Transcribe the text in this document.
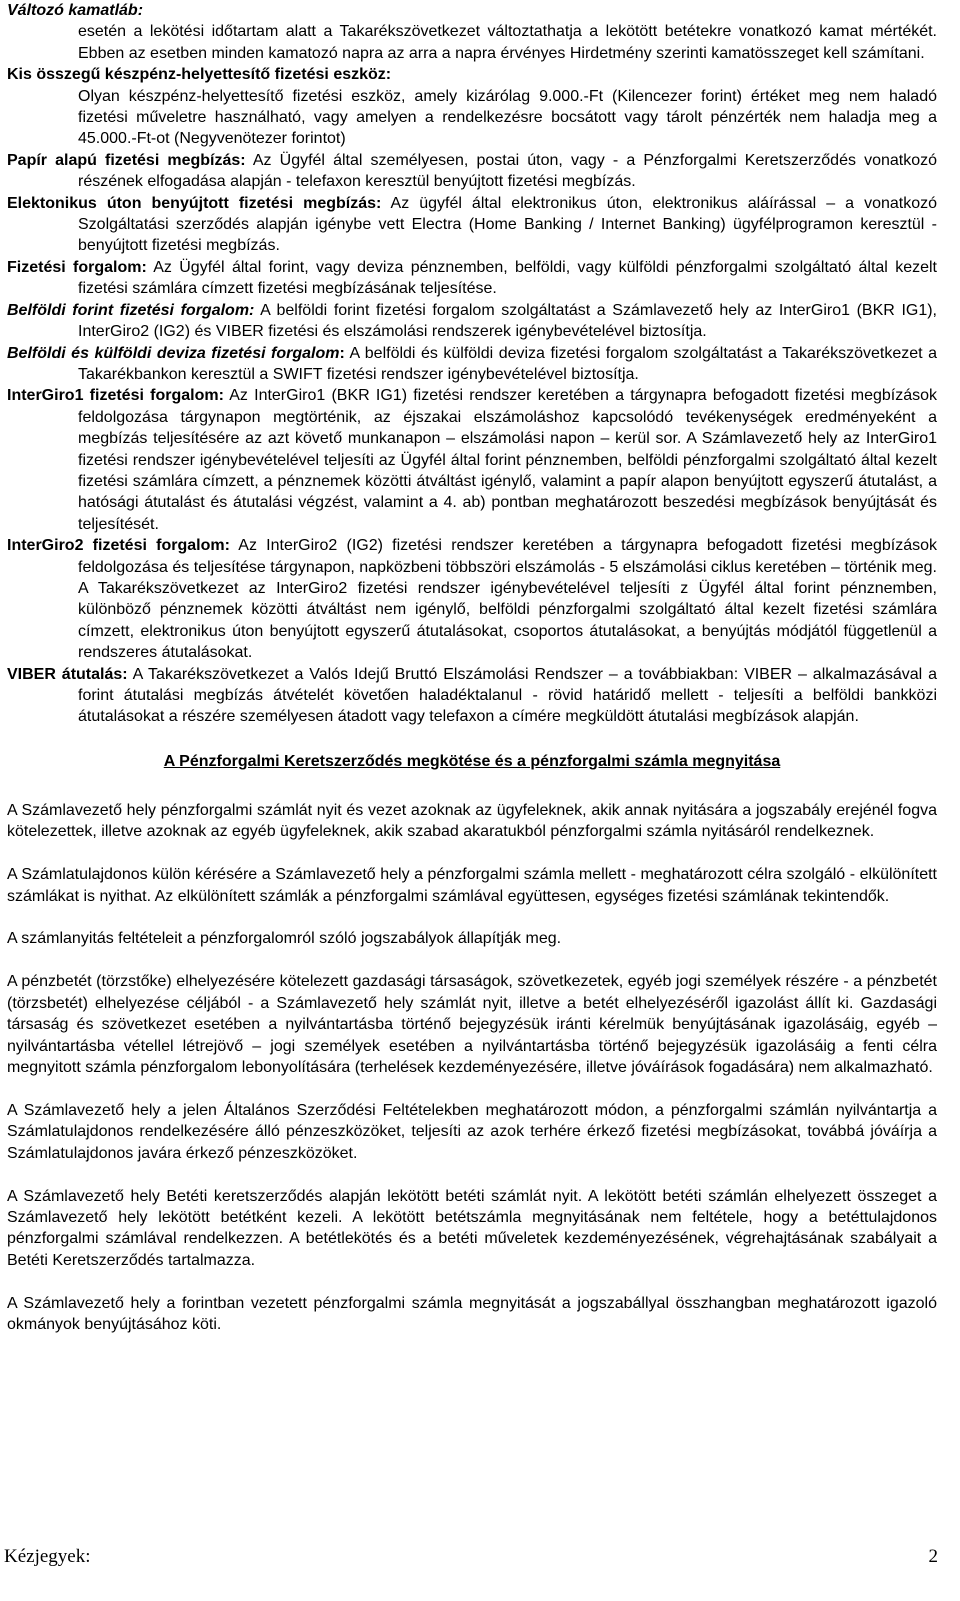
Változó kamatláb:

esetén a lekötési időtartam alatt a Takarékszövetkezet változtathatja a lekötött betétekre vonatkozó kamat mértékét. Ebben az esetben minden kamatozó napra az arra a napra érvényes Hirdetmény szerinti kamatösszeget kell számítani.

Kis összegű készpénz-helyettesítő fizetési eszköz:

Olyan készpénz-helyettesítő fizetési eszköz, amely kizárólag 9.000.-Ft (Kilencezer forint) értéket meg nem haladó fizetési műveletre használható, vagy amelyen a rendelkezésre bocsátott vagy tárolt pénzérték nem haladja meg a 45.000.-Ft-ot (Negyvenötezer forintot)

Papír alapú fizetési megbízás: Az Ügyfél által személyesen, postai úton, vagy - a Pénzforgalmi Keretszerződés vonatkozó részének elfogadása alapján - telefaxon keresztül benyújtott fizetési megbízás.

Elektonikus úton benyújtott fizetési megbízás: Az ügyfél által elektronikus úton, elektronikus aláírással – a vonatkozó Szolgáltatási szerződés alapján igénybe vett Electra (Home Banking / Internet Banking) ügyfélprogramon keresztül - benyújtott fizetési megbízás.

Fizetési forgalom: Az Ügyfél által forint, vagy deviza pénznemben, belföldi, vagy külföldi pénzforgalmi szolgáltató által kezelt fizetési számlára címzett fizetési megbízásának teljesítése.

Belföldi forint fizetési forgalom: A belföldi forint fizetési forgalom szolgáltatást a Számlavezető hely az InterGiro1 (BKR IG1), InterGiro2 (IG2) és VIBER fizetési és elszámolási rendszerek igénybevételével biztosítja.

Belföldi és külföldi deviza fizetési forgalom: A belföldi és külföldi deviza fizetési forgalom szolgáltatást a Takarékszövetkezet a Takarékbankon keresztül a SWIFT fizetési rendszer igénybevételével biztosítja.

InterGiro1 fizetési forgalom: Az InterGiro1 (BKR IG1) fizetési rendszer keretében a tárgynapra befogadott fizetési megbízások feldolgozása tárgynapon megtörténik, az éjszakai elszámoláshoz kapcsolódó tevékenységek eredményeként a megbízás teljesítésére az azt követő munkanapon – elszámolási napon – kerül sor. A Számlavezető hely az InterGiro1 fizetési rendszer igénybevételével teljesíti az Ügyfél által forint pénznemben, belföldi pénzforgalmi szolgáltató által kezelt fizetési számlára címzett, a pénznemek közötti átváltást igénylő, valamint a papír alapon benyújtott egyszerű átutalást, a hatósági átutalást és átutalási végzést, valamint a 4. ab) pontban meghatározott beszedési megbízások benyújtását és teljesítését.

InterGiro2 fizetési forgalom: Az InterGiro2 (IG2) fizetési rendszer keretében a tárgynapra befogadott fizetési megbízások feldolgozása és teljesítése tárgynapon, napközbeni többszöri elszámolás - 5 elszámolási ciklus keretében – történik meg. A Takarékszövetkezet az InterGiro2 fizetési rendszer igénybevételével teljesíti z Ügyfél által forint pénznemben, különböző pénznemek közötti átváltást nem igénylő, belföldi pénzforgalmi szolgáltató által kezelt fizetési számlára címzett, elektronikus úton benyújtott egyszerű átutalásokat, csoportos átutalásokat, a benyújtás módjától függetlenül a rendszeres átutalásokat.

VIBER átutalás: A Takarékszövetkezet a Valós Idejű Bruttó Elszámolási Rendszer – a továbbiakban: VIBER – alkalmazásával a forint átutalási megbízás átvételét követően haladéktalanul - rövid határidő mellett - teljesíti a belföldi bankközi átutalásokat a részére személyesen átadott vagy telefaxon a címére megküldött átutalási megbízások alapján.

A Pénzforgalmi Keretszerződés megkötése és a pénzforgalmi számla megnyitása

A Számlavezető hely pénzforgalmi számlát nyit és vezet azoknak az ügyfeleknek, akik annak nyitására a jogszabály erejénél fogva kötelezettek, illetve azoknak az egyéb ügyfeleknek, akik szabad akaratukból pénzforgalmi számla nyitásáról rendelkeznek.

A Számlatulajdonos külön kérésére a Számlavezető hely a pénzforgalmi számla mellett - meghatározott célra szolgáló - elkülönített számlákat is nyithat. Az elkülönített számlák a pénzforgalmi számlával együttesen, egységes fizetési számlának tekintendők.

A számlanyitás feltételeit a pénzforgalomról szóló jogszabályok állapítják meg.

A pénzbetét (törzstőke) elhelyezésére kötelezett gazdasági társaságok, szövetkezetek, egyéb jogi személyek részére - a pénzbetét (törzsbetét) elhelyezése céljából - a Számlavezető hely számlát nyit, illetve a betét elhelyezéséről igazolást állít ki. Gazdasági társaság és szövetkezet esetében a nyilvántartásba történő bejegyzésük iránti kérelmük benyújtásának igazolásáig, egyéb – nyilvántartásba vétellel létrejövő – jogi személyek esetében a nyilvántartásba történő bejegyzésük igazolásáig a fenti célra megnyitott számla pénzforgalom lebonyolítására (terhelések kezdeményezésére, illetve jóváírások fogadására) nem alkalmazható.

A Számlavezető hely a jelen Általános Szerződési Feltételekben meghatározott módon, a pénzforgalmi számlán nyilvántartja a Számlatulajdonos rendelkezésére álló pénzeszközöket, teljesíti az azok terhére érkező fizetési megbízásokat, továbbá jóváírja a Számlatulajdonos javára érkező pénzeszközöket.

A Számlavezető hely Betéti keretszerződés alapján lekötött betéti számlát nyit. A lekötött betéti számlán elhelyezett összeget a Számlavezető hely lekötött betétként kezeli. A lekötött betétszámla megnyitásának nem feltétele, hogy a betéttulajdonos pénzforgalmi számlával rendelkezzen. A betétlekötés és a betéti műveletek kezdeményezésének, végrehajtásának szabályait a Betéti Keretszerződés tartalmazza.

A Számlavezető hely a forintban vezetett pénzforgalmi számla megnyitását a jogszabállyal összhangban meghatározott igazoló okmányok benyújtásához köti.

Kézjegyek:	2
